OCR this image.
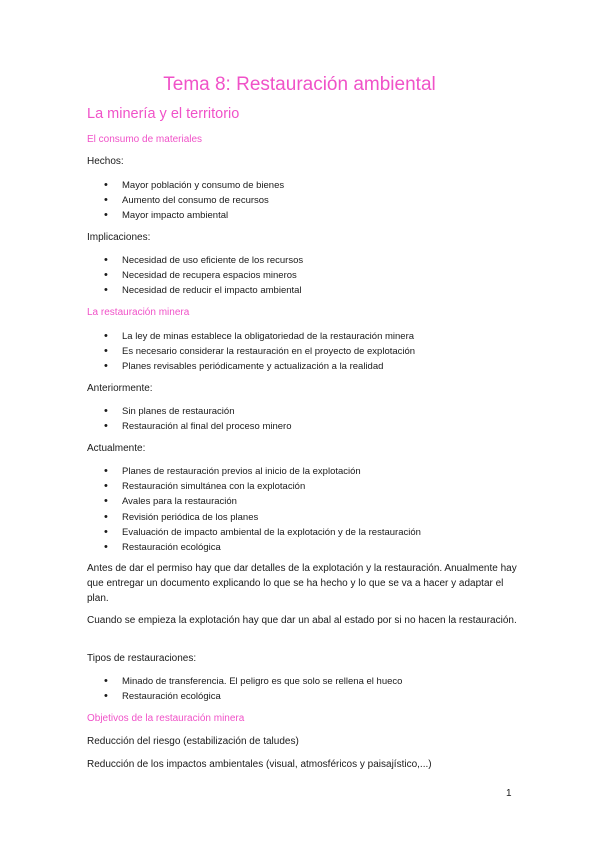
Tema 8: Restauración ambiental
La minería y el territorio
El consumo de materiales

Hechos:

• Mayor población y consumo de bienes
• Aumento del consumo de recursos
• Mayor impacto ambiental

Implicaciones:

• Necesidad de uso eficiente de los recursos
• Necesidad de recupera espacios mineros
• Necesidad de reducir el impacto ambiental
La restauración minera
• La ley de minas establece la obligatoriedad de la restauración minera
• Es necesario considerar la restauración en el proyecto de explotación
• Planes revisables periódicamente y actualización a la realidad

Anteriormente:

• Sin planes de restauración
• Restauración al final del proceso minero

Actualmente:

• Planes de restauración previos al inicio de la explotación
• Restauración simultánea con la explotación
• Avales para la restauración
• Revisión periódica de los planes
• Evaluación de impacto ambiental de la explotación y de la restauración
• Restauración ecológica

Antes de dar el permiso hay que dar detalles de la explotación y la restauración. Anualmente hay que entregar un documento explicando lo que se ha hecho y lo que se va a hacer y adaptar el plan.

Cuando se empieza la explotación hay que dar un abal al estado por si no hacen la restauración.

Tipos de restauraciones:

• Minado de transferencia. El peligro es que solo se rellena el hueco
• Restauración ecológica
Objetivos de la restauración minera

Reducción del riesgo (estabilización de taludes)

Reducción de los impactos ambientales (visual, atmosféricos y paisajístico,...)

1
